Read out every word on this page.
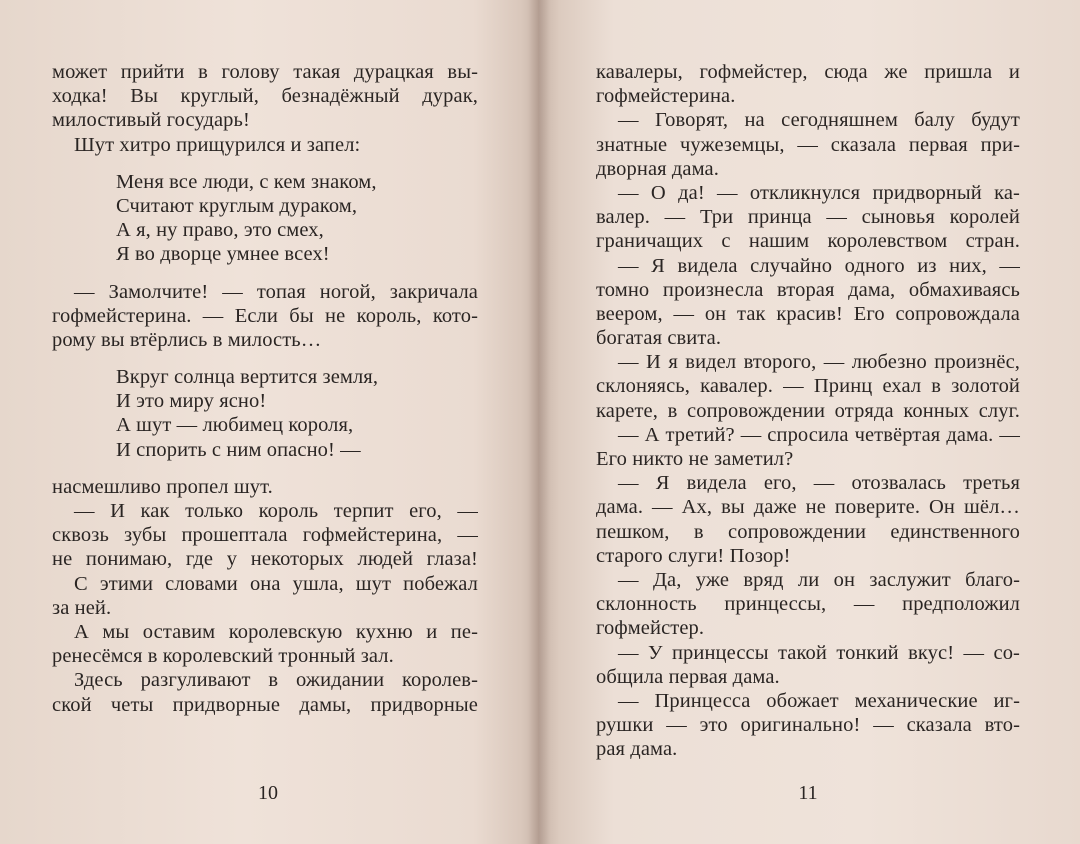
может прийти в голову такая дурацкая вы-
ходка! Вы круглый, безнадёжный дурак,
милостивый государь!
Шут хитро прищурился и запел:
Меня все люди, с кем знаком,
Считают круглым дураком,
А я, ну право, это смех,
Я во дворце умнее всех!
— Замолчите! — топая ногой, закричала
гофмейстерина. — Если бы не король, кото-
рому вы втёрлись в милость…
Вкруг солнца вертится земля,
И это миру ясно!
А шут — любимец короля,
И спорить с ним опасно! —
насмешливо пропел шут.
— И как только король терпит его, —
сквозь зубы прошептала гофмейстерина, —
не понимаю, где у некоторых людей глаза!
С этими словами она ушла, шут побежал
за ней.
А мы оставим королевскую кухню и пе-
ренесёмся в королевский тронный зал.
Здесь разгуливают в ожидании королев-
ской четы придворные дамы, придворные
10
кавалеры, гофмейстер, сюда же пришла и
гофмейстерина.
— Говорят, на сегодняшнем балу будут
знатные чужеземцы, — сказала первая при-
дворная дама.
— О да! — откликнулся придворный ка-
валер. — Три принца — сыновья королей
граничащих с нашим королевством стран.
— Я видела случайно одного из них, —
томно произнесла вторая дама, обмахиваясь
веером, — он так красив! Его сопровождала
богатая свита.
— И я видел второго, — любезно произнёс,
склоняясь, кавалер. — Принц ехал в золотой
карете, в сопровождении отряда конных слуг.
— А третий? — спросила четвёртая дама. —
Его никто не заметил?
— Я видела его, — отозвалась третья
дама. — Ах, вы даже не поверите. Он шёл…
пешком, в сопровождении единственного
старого слуги! Позор!
— Да, уже вряд ли он заслужит благо-
склонность принцессы, — предположил
гофмейстер.
— У принцессы такой тонкий вкус! — со-
общила первая дама.
— Принцесса обожает механические иг-
рушки — это оригинально! — сказала вто-
рая дама.
11
